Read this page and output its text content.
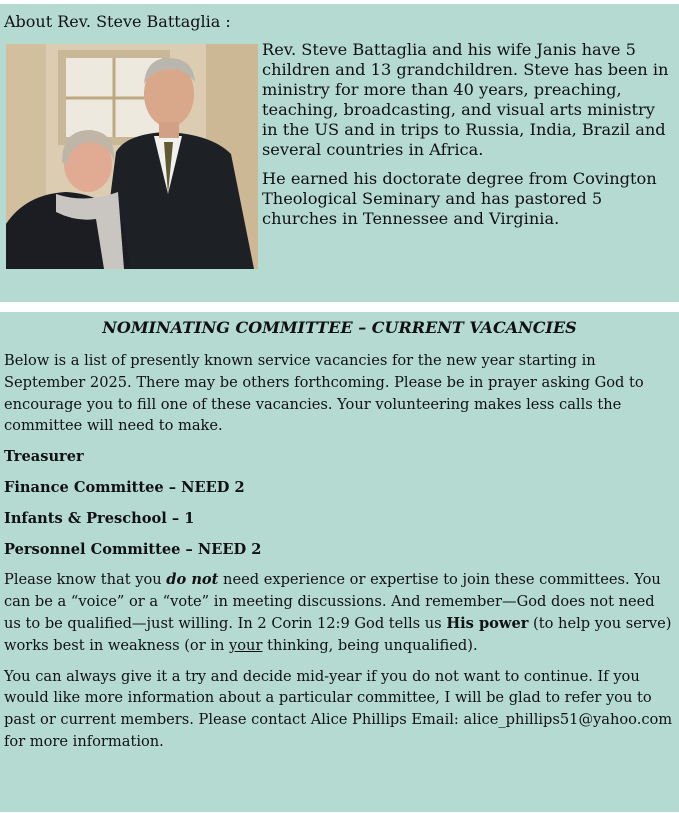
About Rev. Steve Battaglia :

Rev. Steve Battaglia and his wife Janis have 5 children and 13 grandchildren. Steve has been in ministry for more than 40 years, preaching, teaching, broadcasting, and visual arts ministry in the US and in trips to Russia, India, Brazil and several countries in Africa.

He earned his doctorate degree from Covington Theological Seminary and has pastored 5 churches in Tennessee and Virginia.

NOMINATING COMMITTEE – CURRENT VACANCIES

Below is a list of presently known service vacancies for the new year starting in September 2025. There may be others forthcoming. Please be in prayer asking God to encourage you to fill one of these vacancies. Your volunteering makes less calls the committee will need to make.

Treasurer

Finance Committee – NEED 2

Infants & Preschool – 1

Personnel Committee – NEED 2

Please know that you do not need experience or expertise to join these committees. You can be a “voice” or a “vote” in meeting discussions. And remember—God does not need us to be qualified—just willing. In 2 Corin 12:9 God tells us His power (to help you serve) works best in weakness (or in your thinking, being unqualified).

You can always give it a try and decide mid-year if you do not want to continue. If you would like more information about a particular committee, I will be glad to refer you to past or current members. Please contact Alice Phillips Email: alice_phillips51@yahoo.com for more information.
